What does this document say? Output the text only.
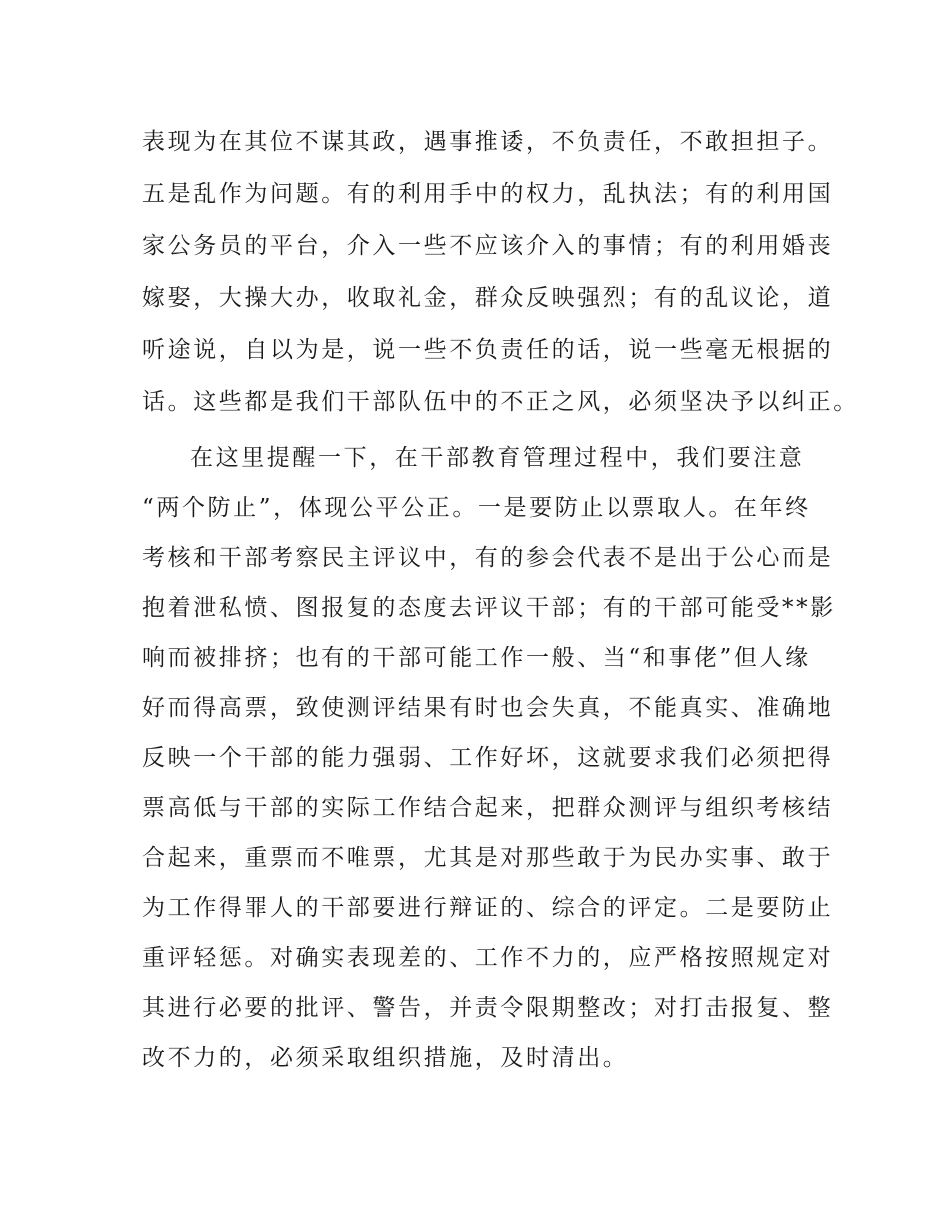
表现为在其位不谋其政，遇事推诿，不负责任，不敢担担子。
五是乱作为问题。有的利用手中的权力，乱执法；有的利用国
家公务员的平台，介入一些不应该介入的事情；有的利用婚丧
嫁娶，大操大办，收取礼金，群众反映强烈；有的乱议论，道
听途说，自以为是，说一些不负责任的话，说一些毫无根据的
话。这些都是我们干部队伍中的不正之风，必须坚决予以纠正。
在这里提醒一下，在干部教育管理过程中，我们要注意
“两个防止”，体现公平公正。一是要防止以票取人。在年终
考核和干部考察民主评议中，有的参会代表不是出于公心而是
抱着泄私愤、图报复的态度去评议干部；有的干部可能受**影
响而被排挤；也有的干部可能工作一般、当“和事佬”但人缘
好而得高票，致使测评结果有时也会失真，不能真实、准确地
反映一个干部的能力强弱、工作好坏，这就要求我们必须把得
票高低与干部的实际工作结合起来，把群众测评与组织考核结
合起来，重票而不唯票，尤其是对那些敢于为民办实事、敢于
为工作得罪人的干部要进行辩证的、综合的评定。二是要防止
重评轻惩。对确实表现差的、工作不力的，应严格按照规定对
其进行必要的批评、警告，并责令限期整改；对打击报复、整
改不力的，必须采取组织措施，及时清出。
